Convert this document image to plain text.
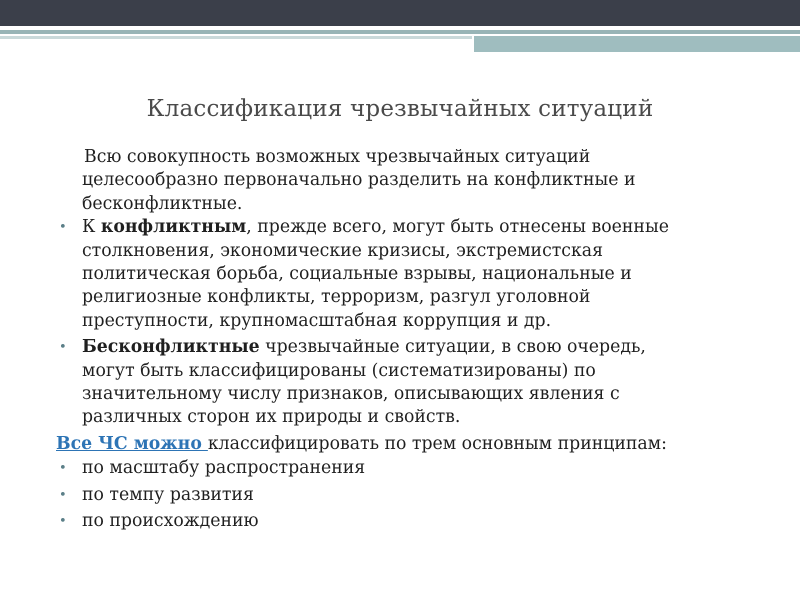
Классификация чрезвычайных ситуаций
Всю совокупность возможных чрезвычайных ситуаций
целесообразно первоначально разделить на конфликтные и
бесконфликтные.
• К конфликтным, прежде всего, могут быть отнесены военные
столкновения, экономические кризисы, экстремистская
политическая борьба, социальные взрывы, национальные и
религиозные конфликты, терроризм, разгул уголовной
преступности, крупномасштабная коррупция и др.
• Бесконфликтные чрезвычайные ситуации, в свою очередь,
могут быть классифицированы (систематизированы) по
значительному числу признаков, описывающих явления с
различных сторон их природы и свойств.
Все ЧС можно классифицировать по трем основным принципам:
• по масштабу распространения
• по темпу развития
• по происхождению
